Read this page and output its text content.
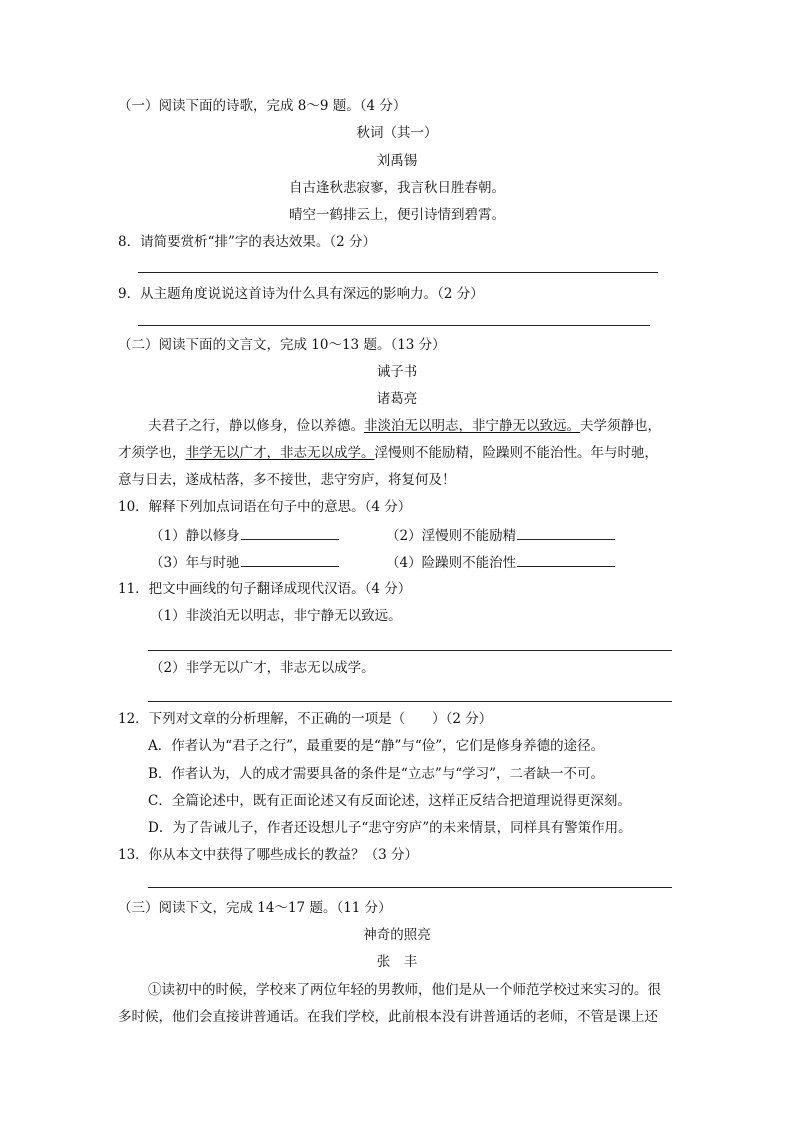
（一）阅读下面的诗歌，完成 8～9 题。（4 分）
秋词（其一）
刘禹锡
自古逢秋悲寂寥，我言秋日胜春朝。
晴空一鹤排云上，便引诗情到碧霄。
8．请简要赏析“排”字的表达效果。（2 分）
9．从主题角度说说这首诗为什么具有深远的影响力。（2 分）
（二）阅读下面的文言文，完成 10～13 题。（13 分）
诫子书
诸葛亮
夫君子之行，静以修身，俭以养德。非淡泊无以明志，非宁静无以致远。夫学须静也，
才须学也，非学无以广才，非志无以成学。淫慢则不能励精，险躁则不能治性。年与时驰，
意与日去，遂成枯落，多不接世，悲守穷庐，将复何及！
10．解释下列加点词语在句子中的意思。（4 分）
（1）静以修身	（2）淫慢则不能励精
（3）年与时驰	（4）险躁则不能治性
11．把文中画线的句子翻译成现代汉语。（4 分）
（1）非淡泊无以明志，非宁静无以致远。
（2）非学无以广才，非志无以成学。
12．下列对文章的分析理解，不正确的一项是（　　）（2 分）
A．作者认为“君子之行”，最重要的是“静”与“俭”，它们是修身养德的途径。
B．作者认为，人的成才需要具备的条件是“立志”与“学习”，二者缺一不可。
C．全篇论述中，既有正面论述又有反面论述，这样正反结合把道理说得更深刻。
D．为了告诫儿子，作者还设想儿子“悲守穷庐”的未来情景，同样具有警策作用。
13．你从本文中获得了哪些成长的教益？（3 分）
（三）阅读下文，完成 14～17 题。（11 分）
神奇的照亮
张　丰
①读初中的时候，学校来了两位年轻的男教师，他们是从一个师范学校过来实习的。很
多时候，他们会直接讲普通话。在我们学校，此前根本没有讲普通话的老师，不管是课上还
